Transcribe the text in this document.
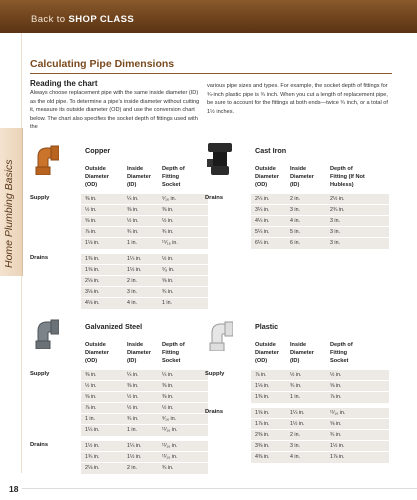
Back to SHOP CLASS
Home Plumbing Basics
Calculating Pipe Dimensions
Reading the chart
Always choose replacement pipe with the same inside diameter (ID) as the old pipe. To determine a pipe’s inside diameter without cutting it, measure its outside diameter (OD) and use the conversion chart below. The chart also specifies the socket depth of fittings used with the
various pipe sizes and types. For example, the socket depth of fittings for ¾-inch plastic pipe is ¾ inch. When you cut a length of replacement pipe, be sure to account for the fittings at both ends—twice ¾ inch, or a total of 1½ inches.
Copper
Outside
Diameter
(OD)
Inside
Diameter
(ID)
Depth of
Fitting
Socket
Supply	⅜ in.	¼ in.	⁵⁄₁₆ in.
½ in.	⅜ in.	⅜ in.
⅝ in.	½ in.	½ in.
⅞ in.	¾ in.	¾ in.
1⅛ in.	1 in.	¹⁵⁄₁₆ in.
Drains	1⅜ in.	1¼ in.	½ in.
1⅝ in.	1½ in.	⁵⁄₈ in.
2⅛ in.	2 in.	⅝ in.
3⅛ in.	3 in.	¾ in.
4⅛ in.	4 in.	1 in.
Cast Iron
Outside
Diameter
(OD)
Inside
Diameter
(ID)
Depth of
Fitting (If Not
Hubless)
Drains	2¼ in.	2 in.	2½ in.
3¼ in.	3 in.	2¾ in.
4¼ in.	4 in.	3 in.
5¼ in.	5 in.	3 in.
6¼ in.	6 in.	3 in.
Galvanized Steel
Outside
Diameter
(OD)
Inside
Diameter
(ID)
Depth of
Fitting
Socket
Supply	⅜ in.	¼ in.	¼ in.
½ in.	⅜ in.	⅜ in.
⅝ in.	½ in.	⅜ in.
⅞ in.	½ in.	½ in.
1 in.	¾ in.	⁹⁄₁₆ in.
1¼ in.	1 in.	¹¹⁄₁₆ in.
Drains	1½ in.	1¼ in.	¹¹⁄₁₆ in.
1¾ in.	1½ in.	¹¹⁄₁₆ in.
2⅛ in.	2 in.	¾ in.
Plastic
Outside
Diameter
(OD)
Inside
Diameter
(ID)
Depth of
Fitting
Socket
Supply	⅞ in.	½ in.	½ in.
1⅛ in.	¾ in.	⅝ in.
1⅜ in.	1 in.	⅞ in.
Drains	1⅝ in.	1¼ in.	¹¹⁄₁₆ in.
1⅞ in.	1½ in.	⅝ in.
2⅜ in.	2 in.	¾ in.
3⅜ in.	3 in.	1½ in.
4⅜ in.	4 in.	1⅞ in.
18
